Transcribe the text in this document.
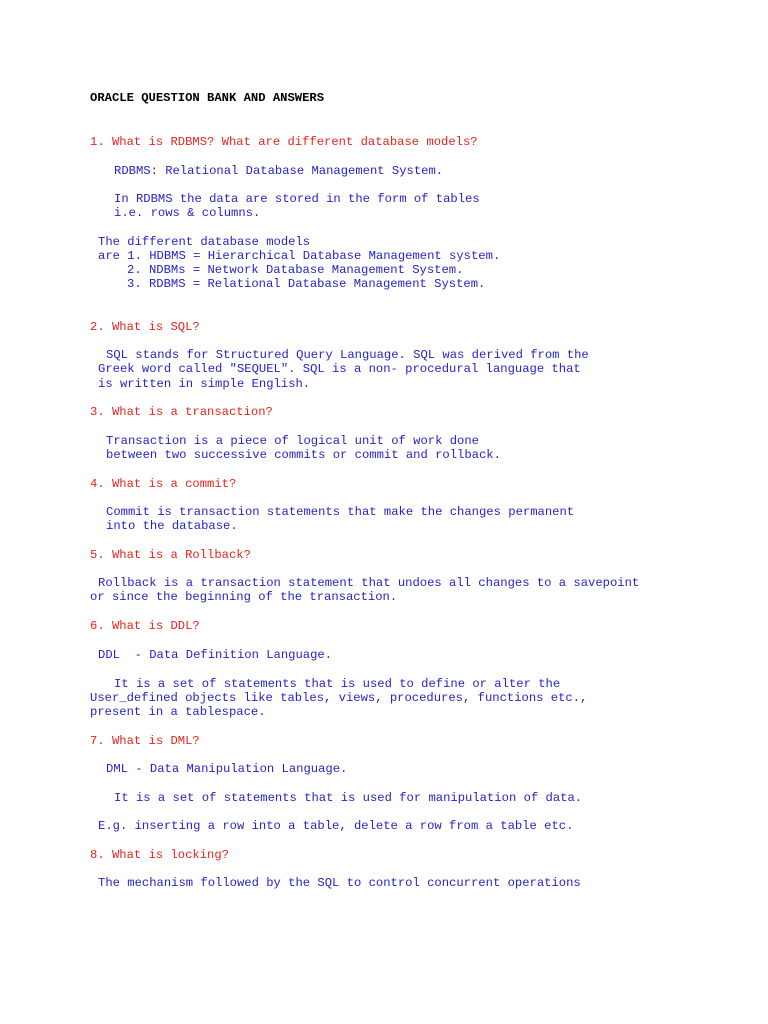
ORACLE QUESTION BANK AND ANSWERS

1. What is RDBMS? What are different database models?

RDBMS: Relational Database Management System.

In RDBMS the data are stored in the form of tables

i.e. rows & columns.

The different database models

are 1. HDBMS = Hierarchical Database Management system.

2. NDBMs = Network Database Management System.

3. RDBMS = Relational Database Management System.

2. What is SQL?

SQL stands for Structured Query Language. SQL was derived from the

Greek word called "SEQUEL". SQL is a non- procedural language that

is written in simple English.

3. What is a transaction?

Transaction is a piece of logical unit of work done

between two successive commits or commit and rollback.

4. What is a commit?

Commit is transaction statements that make the changes permanent

into the database.

5. What is a Rollback?

Rollback is a transaction statement that undoes all changes to a savepoint

or since the beginning of the transaction.

6. What is DDL?

DDL  - Data Definition Language.

It is a set of statements that is used to define or alter the

User_defined objects like tables, views, procedures, functions etc.,

present in a tablespace.

7. What is DML?

DML - Data Manipulation Language.

It is a set of statements that is used for manipulation of data.

E.g. inserting a row into a table, delete a row from a table etc.

8. What is locking?

The mechanism followed by the SQL to control concurrent operations
